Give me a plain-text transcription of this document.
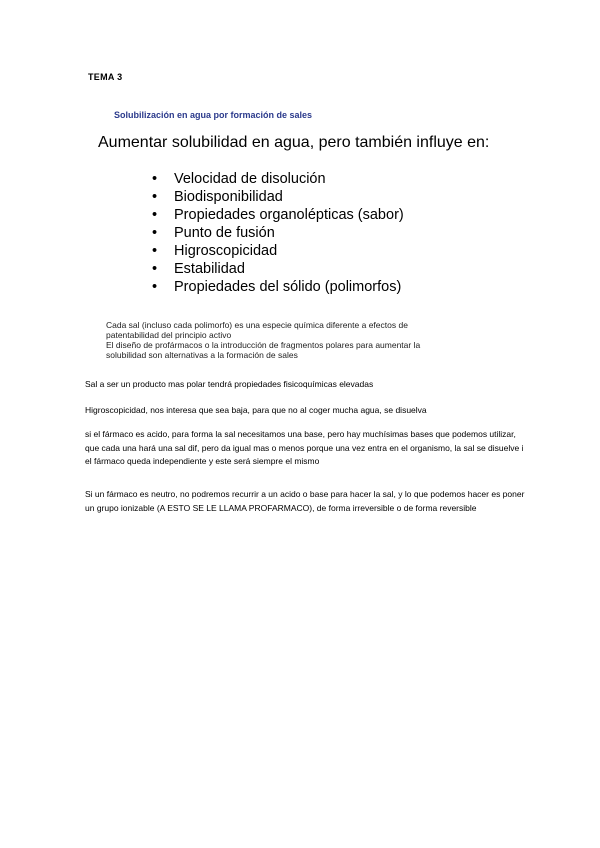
TEMA 3
Solubilización en agua por formación de sales
Aumentar solubilidad en agua, pero también influye en:
• Velocidad de disolución
• Biodisponibilidad
• Propiedades organolépticas (sabor)
• Punto de fusión
• Higroscopicidad
• Estabilidad
• Propiedades del sólido (polimorfos)
Cada sal (incluso cada polimorfo) es una especie química diferente a efectos de
patentabilidad del principio activo
El diseño de profármacos o la introducción de fragmentos polares para aumentar la
solubilidad son alternativas a la formación de sales

Sal a ser un producto mas polar tendrá propiedades fisicoquímicas elevadas

Higroscopicidad, nos interesa que sea baja, para que no al coger mucha agua, se disuelva

si el fármaco es acido, para forma la sal necesitamos una base, pero hay muchísimas bases que podemos utilizar, que cada una hará una sal dif, pero da igual mas o menos porque una vez entra en el organismo, la sal se disuelve i el fármaco queda independiente y este será siempre el mismo

Si un fármaco es neutro, no podremos recurrir a un acido o base para hacer la sal, y lo que podemos hacer es poner un grupo ionizable (A ESTO SE LE LLAMA PROFARMACO), de forma irreversible o de forma reversible
